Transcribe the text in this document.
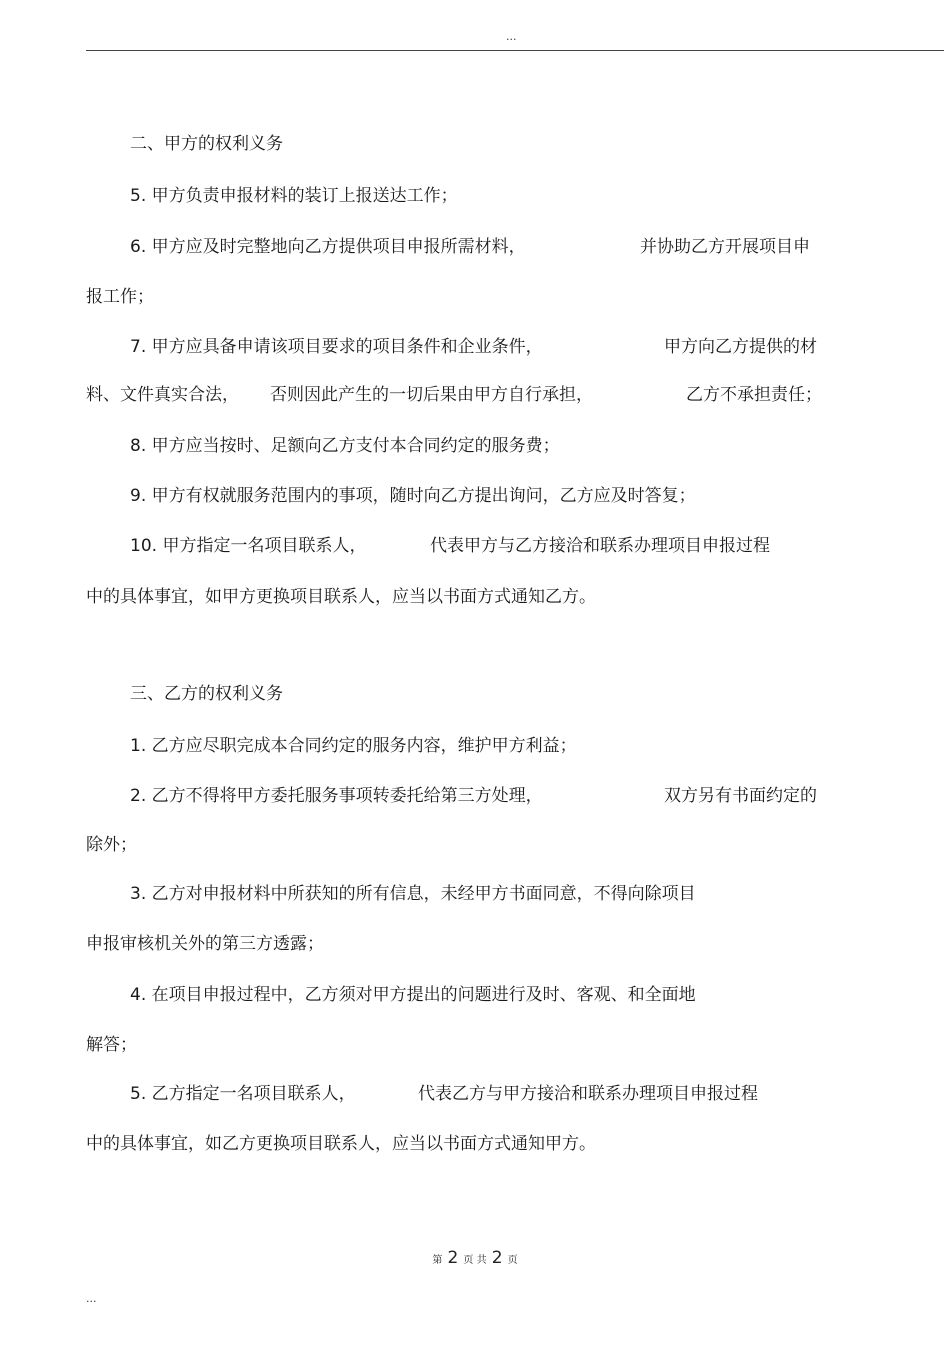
...
二、甲方的权利义务
5. 甲方负责申报材料的装订上报送达工作；
6. 甲方应及时完整地向乙方提供项目申报所需材料，	并协助乙方开展项目申
报工作；
7. 甲方应具备申请该项目要求的项目条件和企业条件，	甲方向乙方提供的材
料、文件真实合法， 否则因此产生的一切后果由甲方自行承担，	乙方不承担责任；
8. 甲方应当按时、足额向乙方支付本合同约定的服务费；
9. 甲方有权就服务范围内的事项，随时向乙方提出询问，乙方应及时答复；
10. 甲方指定一名项目联系人，	代表甲方与乙方接洽和联系办理项目申报过程
中的具体事宜，如甲方更换项目联系人，应当以书面方式通知乙方。
三、乙方的权利义务
1. 乙方应尽职完成本合同约定的服务内容，维护甲方利益；
2. 乙方不得将甲方委托服务事项转委托给第三方处理，	双方另有书面约定的
除外；
3. 乙方对申报材料中所获知的所有信息，未经甲方书面同意，不得向除项目
申报审核机关外的第三方透露；
4. 在项目申报过程中，乙方须对甲方提出的问题进行及时、客观、和全面地
解答；
5. 乙方指定一名项目联系人，	代表乙方与甲方接洽和联系办理项目申报过程
中的具体事宜，如乙方更换项目联系人，应当以书面方式通知甲方。
第 2 页 共 2 页
...
